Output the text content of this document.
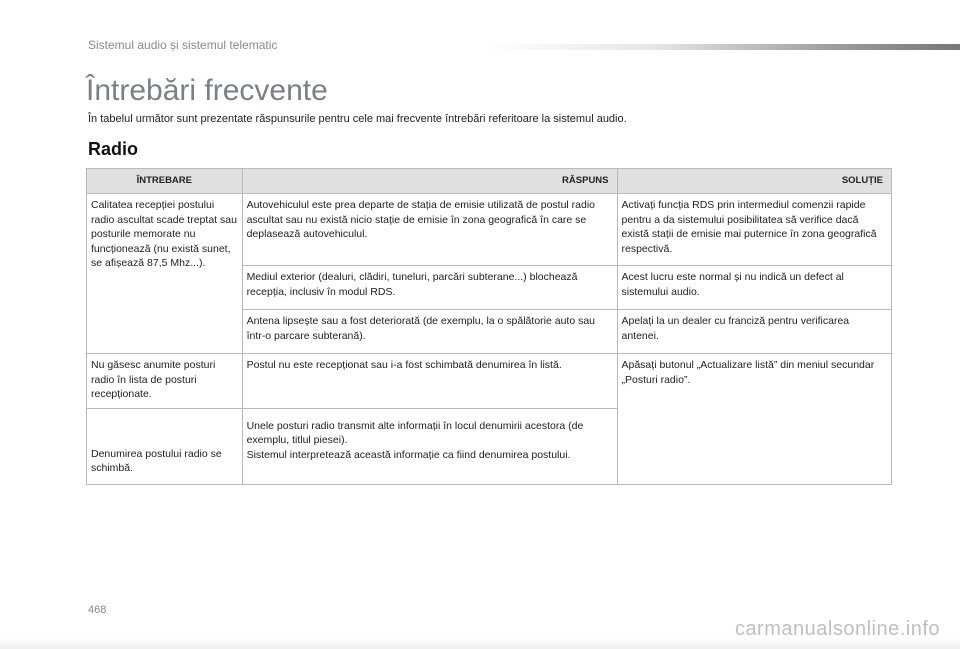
Sistemul audio și sistemul telematic
Întrebări frecvente
În tabelul următor sunt prezentate răspunsurile pentru cele mai frecvente întrebări referitoare la sistemul audio.
Radio
ÎNTREBARE	RĂSPUNS	SOLUȚIE
Calitatea recepției postului radio ascultat scade treptat sau posturile memorate nu funcționează (nu există sunet, se afișează 87,5 Mhz...).	Autovehiculul este prea departe de stația de emisie utilizată de postul radio ascultat sau nu există nicio stație de emisie în zona geografică în care se deplasează autovehiculul.	Activați funcția RDS prin intermediul comenzii rapide pentru a da sistemului posibilitatea să verifice dacă există stații de emisie mai puternice în zona geografică respectivă.
	Mediul exterior (dealuri, clădiri, tuneluri, parcări subterane...) blochează recepția, inclusiv în modul RDS.	Acest lucru este normal și nu indică un defect al sistemului audio.
	Antena lipsește sau a fost deteriorată (de exemplu, la o spălătorie auto sau într-o parcare subterană).	Apelați la un dealer cu franciză pentru verificarea antenei.
Nu găsesc anumite posturi radio în lista de posturi recepționate.	Postul nu este recepționat sau i-a fost schimbată denumirea în listă.	Apăsați butonul „Actualizare listă” din meniul secundar „Posturi radio”.
Denumirea postului radio se schimbă.	Unele posturi radio transmit alte informații în locul denumirii acestora (de exemplu, titlul piesei).
Sistemul interpretează această informație ca fiind denumirea postului.	
468
carmanualsonline.info
